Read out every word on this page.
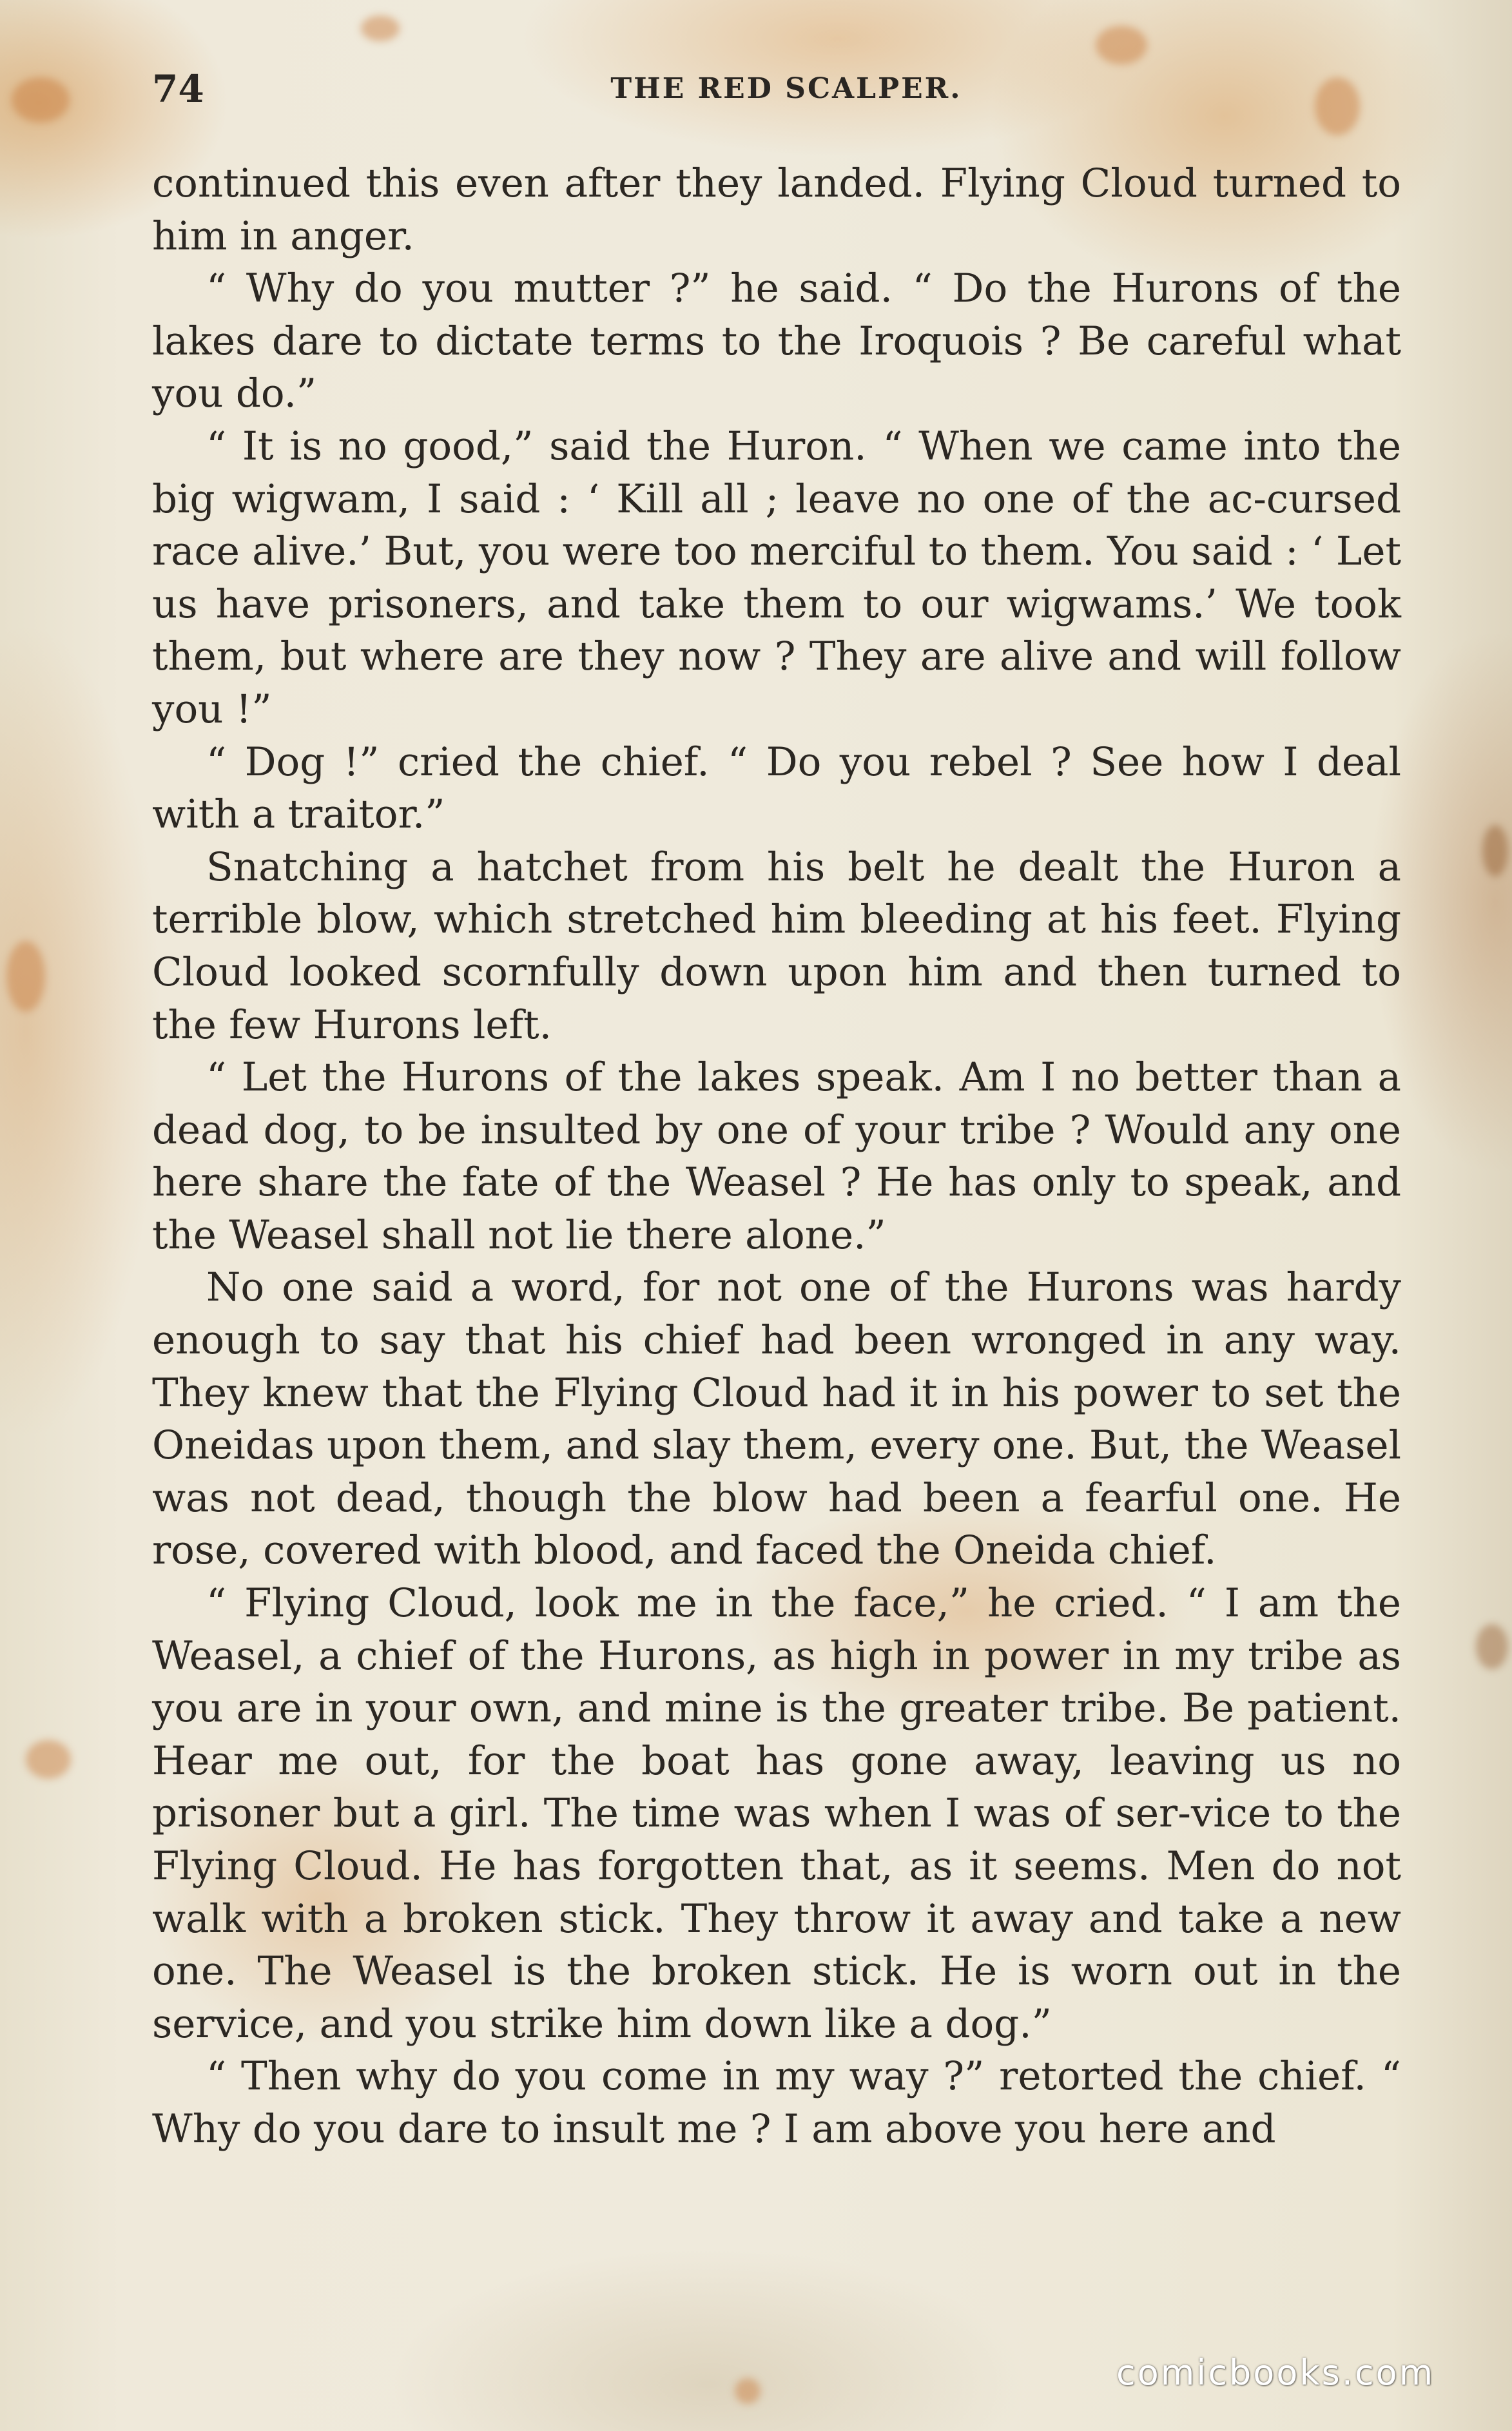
74	THE RED SCALPER.

continued this even after they landed. Flying Cloud turned to him in anger.

“ Why do you mutter ?” he said. “ Do the Hurons of the lakes dare to dictate terms to the Iroquois ? Be careful what you do.”

“ It is no good,” said the Huron. “ When we came into the big wigwam, I said : ‘ Kill all ; leave no one of the ac-cursed race alive.’ But, you were too merciful to them. You said : ‘ Let us have prisoners, and take them to our wigwams.’ We took them, but where are they now ? They are alive and will follow you !”

“ Dog !” cried the chief. “ Do you rebel ? See how I deal with a traitor.”

Snatching a hatchet from his belt he dealt the Huron a terrible blow, which stretched him bleeding at his feet. Flying Cloud looked scornfully down upon him and then turned to the few Hurons left.

“ Let the Hurons of the lakes speak. Am I no better than a dead dog, to be insulted by one of your tribe ? Would any one here share the fate of the Weasel ? He has only to speak, and the Weasel shall not lie there alone.”

No one said a word, for not one of the Hurons was hardy enough to say that his chief had been wronged in any way. They knew that the Flying Cloud had it in his power to set the Oneidas upon them, and slay them, every one. But, the Weasel was not dead, though the blow had been a fearful one. He rose, covered with blood, and faced the Oneida chief.

“ Flying Cloud, look me in the face,” he cried. “ I am the Weasel, a chief of the Hurons, as high in power in my tribe as you are in your own, and mine is the greater tribe. Be patient. Hear me out, for the boat has gone away, leaving us no prisoner but a girl. The time was when I was of ser-vice to the Flying Cloud. He has forgotten that, as it seems. Men do not walk with a broken stick. They throw it away and take a new one. The Weasel is the broken stick. He is worn out in the service, and you strike him down like a dog.”

“ Then why do you come in my way ?” retorted the chief. “ Why do you dare to insult me ? I am above you here and

comicbooks.com
